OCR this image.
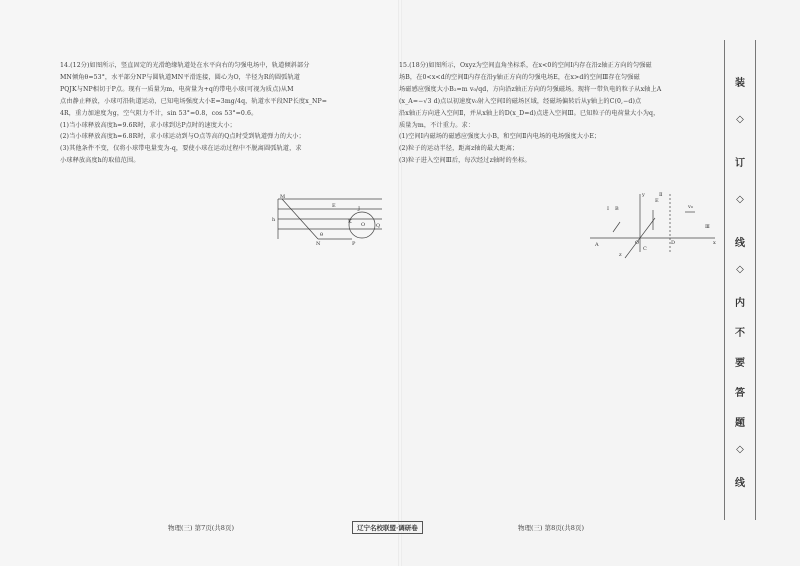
14.(12分)如图所示，竖直固定的光滑绝缘轨道处在水平向右的匀强电场中，轨道倾斜部分
MN倾角θ=53°，水平部分NP与圆轨道MN平滑连接，圆心为O，半径为R的圆弧轨道
PQJK与NP相切于P点。现有一质量为m，电荷量为+q的带电小球(可视为质点)从M
点由静止释放，小球可沿轨道运动，已知电场强度大小E=3mg/4q，轨道水平段NP长度x_NP=
4R，重力加速度为g，空气阻力不计，sin 53°=0.8，cos 53°=0.6。
(1)当小球释放高度h=9.6R时，求小球到达P点时的速度大小；
(2)当小球释放高度h=6.8R时，求小球运动到与O点等高的Q点时受到轨道弹力的大小；
(3)其他条件不变，仅将小球带电量变为-q，要使小球在运动过程中不脱离圆弧轨道，求
小球释放高度h的取值范围。
M
h
N	P
K
J
Q
O
θ
E
15.(18分)如图所示，Oxyz为空间直角坐标系，在x<0的空间Ⅰ内存在沿z轴正方向的匀强磁
场B，在0<x<d的空间Ⅱ内存在沿y轴正方向的匀强电场E，在x>d的空间Ⅲ存在匀强磁
场磁感应强度大小B₂=m v₀/qd，方向沿z轴正方向的匀强磁场。现将一带负电的粒子从x轴上A
(x_A=−√3 d)点以初速度v₀射入空间Ⅰ的磁场区域，经磁场偏转后从y轴上的C(0,−d)点
沿x轴正方向进入空间Ⅱ，并从x轴上的D(x_D=d)点进入空间Ⅲ。已知粒子的电荷量大小为q，
质量为m，不计重力。求：
(1)空间Ⅰ内磁场的磁感应强度大小B，和空间Ⅱ内电场的电场强度大小E；
(2)粒子的运动半径，距离z轴的最大距离；
(3)粒子进入空间Ⅲ后，每次经过z轴时的坐标。
y
B
E
v₀
Ⅰ
Ⅱ
Ⅲ
A	O
C
D	x
z
物理(三) 第7页(共8页)	辽宁名校联盟·调研卷	物理(三) 第8页(共8页)
装
◇
订
◇
线
◇
内
不
要
答
题
◇
线
